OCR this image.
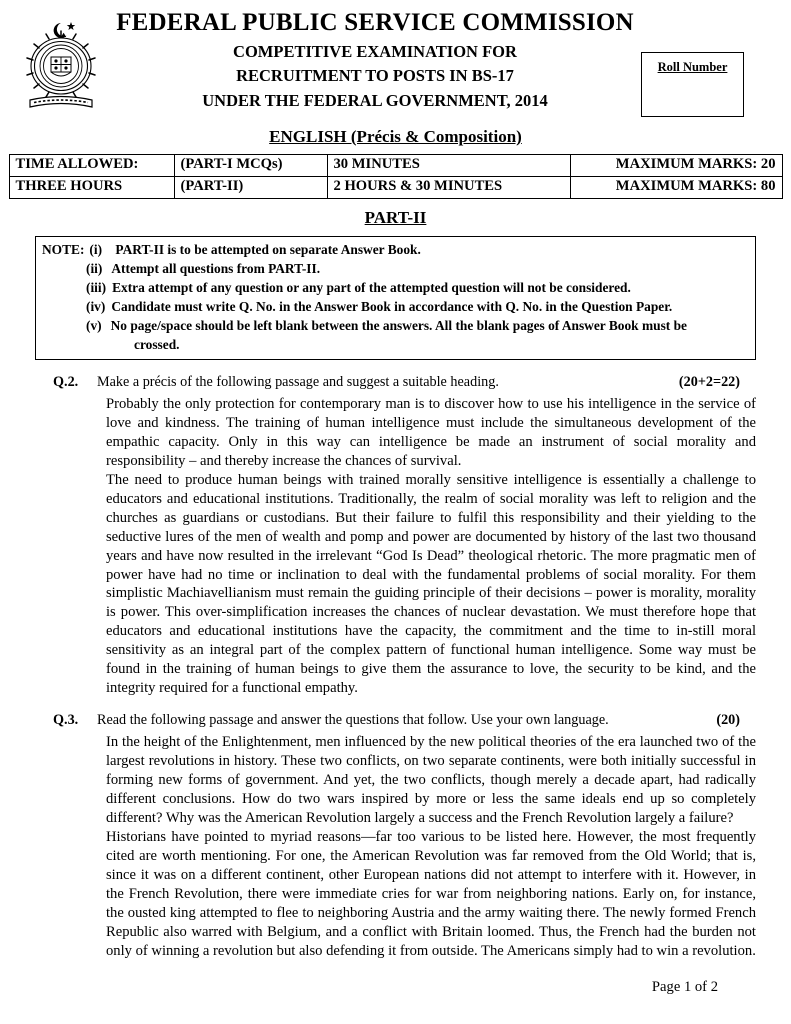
FEDERAL PUBLIC SERVICE COMMISSION
COMPETITIVE EXAMINATION FOR
RECRUITMENT TO POSTS IN BS-17
UNDER THE FEDERAL GOVERNMENT, 2014
Roll Number
ENGLISH (Précis & Composition)
TIME ALLOWED:	(PART-I MCQs)	30 MINUTES	MAXIMUM MARKS: 20
THREE HOURS	(PART-II)	2 HOURS & 30 MINUTES	MAXIMUM MARKS: 80
PART-II
NOTE: (i) PART-II is to be attempted on separate Answer Book.
(ii) Attempt all questions from PART-II.
(iii) Extra attempt of any question or any part of the attempted question will not be considered.
(iv) Candidate must write Q. No. in the Answer Book in accordance with Q. No. in the Question Paper.
(v) No page/space should be left blank between the answers. All the blank pages of Answer Book must be
crossed.
Q.2.	Make a précis of the following passage and suggest a suitable heading.	(20+2=22)
Probably the only protection for contemporary man is to discover how to use his intelligence in the service of love and kindness. The training of human intelligence must include the simultaneous development of the empathic capacity. Only in this way can intelligence be made an instrument of social morality and responsibility – and thereby increase the chances of survival.
The need to produce human beings with trained morally sensitive intelligence is essentially a challenge to educators and educational institutions. Traditionally, the realm of social morality was left to religion and the churches as guardians or custodians. But their failure to fulfil this responsibility and their yielding to the seductive lures of the men of wealth and pomp and power are documented by history of the last two thousand years and have now resulted in the irrelevant “God Is Dead” theological rhetoric. The more pragmatic men of power have had no time or inclination to deal with the fundamental problems of social morality. For them simplistic Machiavellianism must remain the guiding principle of their decisions – power is morality, morality is power. This over-simplification increases the chances of nuclear devastation. We must therefore hope that educators and educational institutions have the capacity, the commitment and the time to in-still moral sensitivity as an integral part of the complex pattern of functional human intelligence. Some way must be found in the training of human beings to give them the assurance to love, the security to be kind, and the integrity required for a functional empathy.
Q.3.	Read the following passage and answer the questions that follow. Use your own language.	(20)
In the height of the Enlightenment, men influenced by the new political theories of the era launched two of the largest revolutions in history. These two conflicts, on two separate continents, were both initially successful in forming new forms of government. And yet, the two conflicts, though merely a decade apart, had radically different conclusions. How do two wars inspired by more or less the same ideals end up so completely different? Why was the American Revolution largely a success and the French Revolution largely a failure?
Historians have pointed to myriad reasons—far too various to be listed here. However, the most frequently cited are worth mentioning. For one, the American Revolution was far removed from the Old World; that is, since it was on a different continent, other European nations did not attempt to interfere with it. However, in the French Revolution, there were immediate cries for war from neighboring nations. Early on, for instance, the ousted king attempted to flee to neighboring Austria and the army waiting there. The newly formed French Republic also warred with Belgium, and a conflict with Britain loomed. Thus, the French had the burden not only of winning a revolution but also defending it from outside. The Americans simply had to win a revolution.
Page 1 of 2
